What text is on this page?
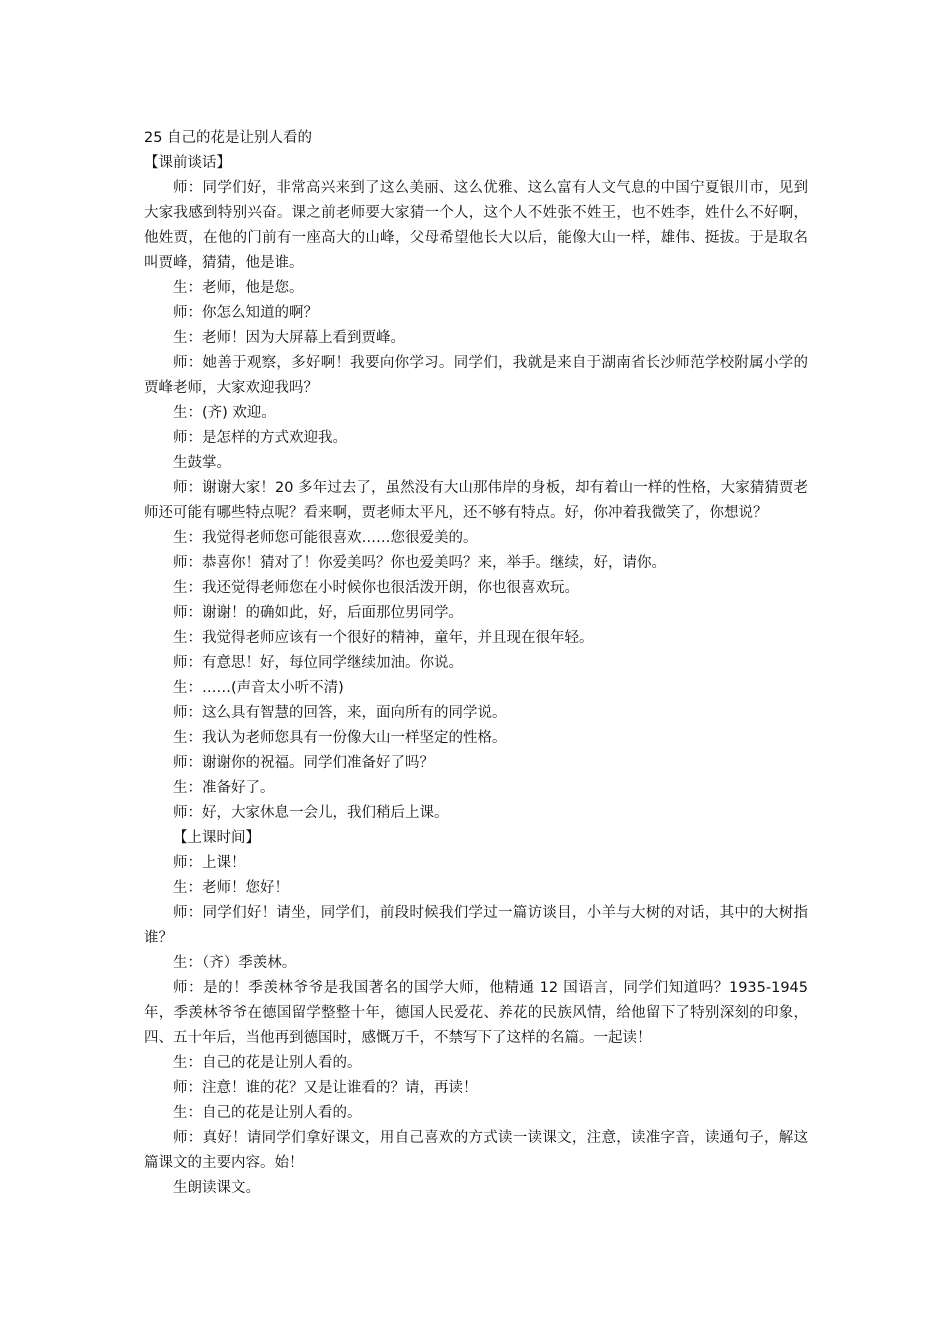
25 自己的花是让别人看的

【课前谈话】

师：同学们好，非常高兴来到了这么美丽、这么优雅、这么富有人文气息的中国宁夏银川市，见到大家我感到特别兴奋。课之前老师要大家猜一个人，这个人不姓张不姓王，也不姓李，姓什么不好啊，他姓贾，在他的门前有一座高大的山峰，父母希望他长大以后，能像大山一样，雄伟、挺拔。于是取名叫贾峰，猜猜，他是谁。

生：老师，他是您。

师：你怎么知道的啊？

生：老师！因为大屏幕上看到贾峰。

师：她善于观察，多好啊！我要向你学习。同学们，我就是来自于湖南省长沙师范学校附属小学的贾峰老师，大家欢迎我吗？

生：(齐) 欢迎。

师：是怎样的方式欢迎我。

生鼓掌。

师：谢谢大家！20 多年过去了，虽然没有大山那伟岸的身板，却有着山一样的性格，大家猜猜贾老师还可能有哪些特点呢？看来啊，贾老师太平凡，还不够有特点。好，你冲着我微笑了，你想说？

生：我觉得老师您可能很喜欢……您很爱美的。

师：恭喜你！猜对了！你爱美吗？你也爱美吗？来，举手。继续，好，请你。

生：我还觉得老师您在小时候你也很活泼开朗，你也很喜欢玩。

师：谢谢！的确如此，好，后面那位男同学。

生：我觉得老师应该有一个很好的精神，童年，并且现在很年轻。

师：有意思！好，每位同学继续加油。你说。

生：……(声音太小听不清)

师：这么具有智慧的回答，来，面向所有的同学说。

生：我认为老师您具有一份像大山一样坚定的性格。

师：谢谢你的祝福。同学们准备好了吗？

生：准备好了。

师：好，大家休息一会儿，我们稍后上课。

【上课时间】

师：上课！

生：老师！您好！

师：同学们好！请坐，同学们，前段时候我们学过一篇访谈目，小羊与大树的对话，其中的大树指谁？

生：（齐）季羡林。

师：是的！季羡林爷爷是我国著名的国学大师，他精通 12 国语言，同学们知道吗？1935-1945 年，季羡林爷爷在德国留学整整十年，德国人民爱花、养花的民族风情，给他留下了特别深刻的印象，四、五十年后，当他再到德国时，感慨万千，不禁写下了这样的名篇。一起读！

生：自己的花是让别人看的。

师：注意！谁的花？又是让谁看的？请，再读！

生：自己的花是让别人看的。

师：真好！请同学们拿好课文，用自己喜欢的方式读一读课文，注意，读准字音，读通句子，解这篇课文的主要内容。始！

生朗读课文。
